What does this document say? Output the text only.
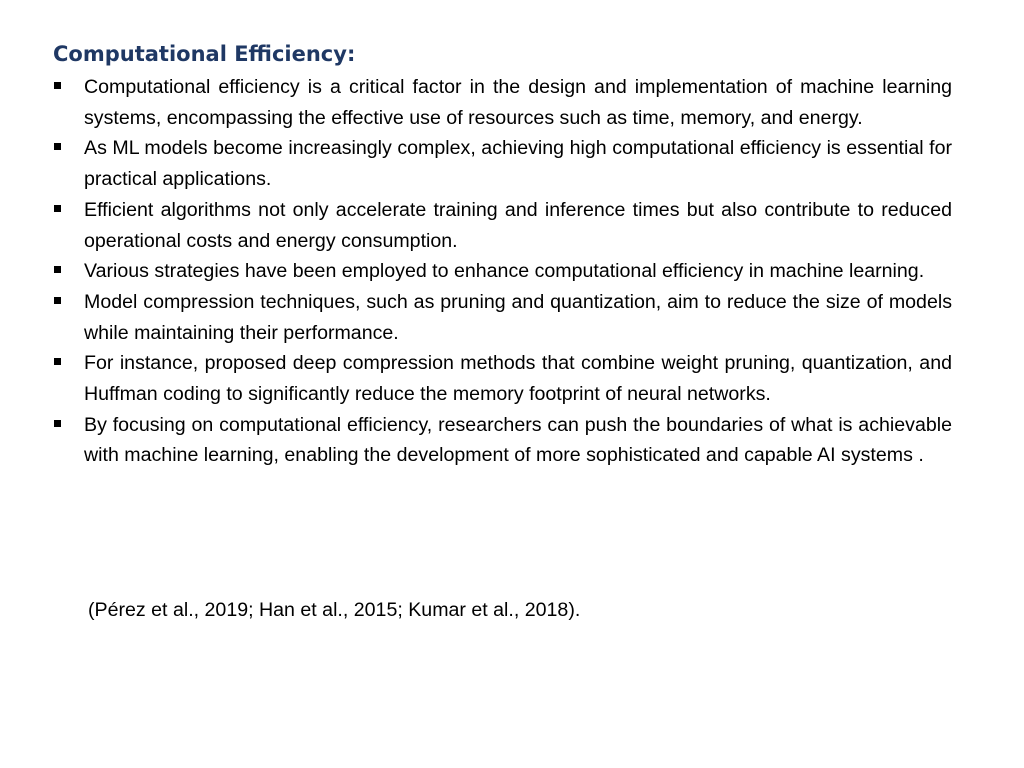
Computational Efficiency:
Computational efficiency is a critical factor in the design and implementation of machine learning systems, encompassing the effective use of resources such as time, memory, and energy.
As ML models become increasingly complex, achieving high computational efficiency is essential for practical applications.
Efficient algorithms not only accelerate training and inference times but also contribute to reduced operational costs and energy consumption.
Various strategies have been employed to enhance computational efficiency in machine learning.
Model compression techniques, such as pruning and quantization, aim to reduce the size of models while maintaining their performance.
For instance, proposed deep compression methods that combine weight pruning, quantization, and Huffman coding to significantly reduce the memory footprint of neural networks.
By focusing on computational efficiency, researchers can push the boundaries of what is achievable with machine learning, enabling the development of more sophisticated and capable AI systems .

(Pérez et al., 2019; Han et al., 2015; Kumar et al., 2018).
